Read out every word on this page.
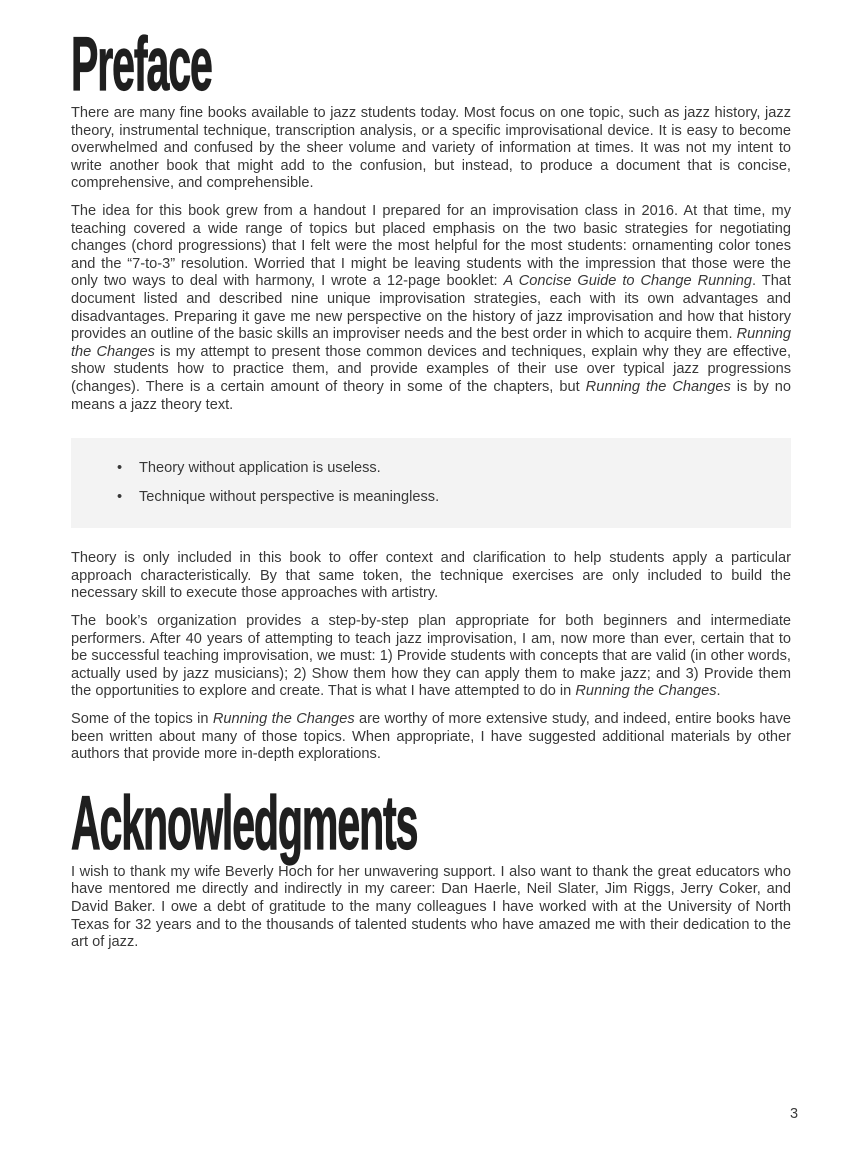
Preface

There are many fine books available to jazz students today. Most focus on one topic, such as jazz history, jazz theory, instrumental technique, transcription analysis, or a specific improvisational device. It is easy to become overwhelmed and confused by the sheer volume and variety of information at times. It was not my intent to write another book that might add to the confusion, but instead, to produce a document that is concise, comprehensive, and comprehensible.

The idea for this book grew from a handout I prepared for an improvisation class in 2016. At that time, my teaching covered a wide range of topics but placed emphasis on the two basic strategies for negotiating changes (chord progressions) that I felt were the most helpful for the most students: ornamenting color tones and the “7-to-3” resolution. Worried that I might be leaving students with the impression that those were the only two ways to deal with harmony, I wrote a 12-page booklet: A Concise Guide to Change Running. That document listed and described nine unique improvisation strategies, each with its own advantages and disadvantages. Preparing it gave me new perspective on the history of jazz improvisation and how that history provides an outline of the basic skills an improviser needs and the best order in which to acquire them. Running the Changes is my attempt to present those common devices and techniques, explain why they are effective, show students how to practice them, and provide examples of their use over typical jazz progressions (changes). There is a certain amount of theory in some of the chapters, but Running the Changes is by no means a jazz theory text.

• Theory without application is useless.
• Technique without perspective is meaningless.

Theory is only included in this book to offer context and clarification to help students apply a particular approach characteristically. By that same token, the technique exercises are only included to build the necessary skill to execute those approaches with artistry.

The book’s organization provides a step-by-step plan appropriate for both beginners and intermediate performers. After 40 years of attempting to teach jazz improvisation, I am, now more than ever, certain that to be successful teaching improvisation, we must: 1) Provide students with concepts that are valid (in other words, actually used by jazz musicians); 2) Show them how they can apply them to make jazz; and 3) Provide them the opportunities to explore and create. That is what I have attempted to do in Running the Changes.

Some of the topics in Running the Changes are worthy of more extensive study, and indeed, entire books have been written about many of those topics. When appropriate, I have suggested additional materials by other authors that provide more in-depth explorations.

Acknowledgments

I wish to thank my wife Beverly Hoch for her unwavering support. I also want to thank the great educators who have mentored me directly and indirectly in my career: Dan Haerle, Neil Slater, Jim Riggs, Jerry Coker, and David Baker. I owe a debt of gratitude to the many colleagues I have worked with at the University of North Texas for 32 years and to the thousands of talented students who have amazed me with their dedication to the art of jazz.

3
